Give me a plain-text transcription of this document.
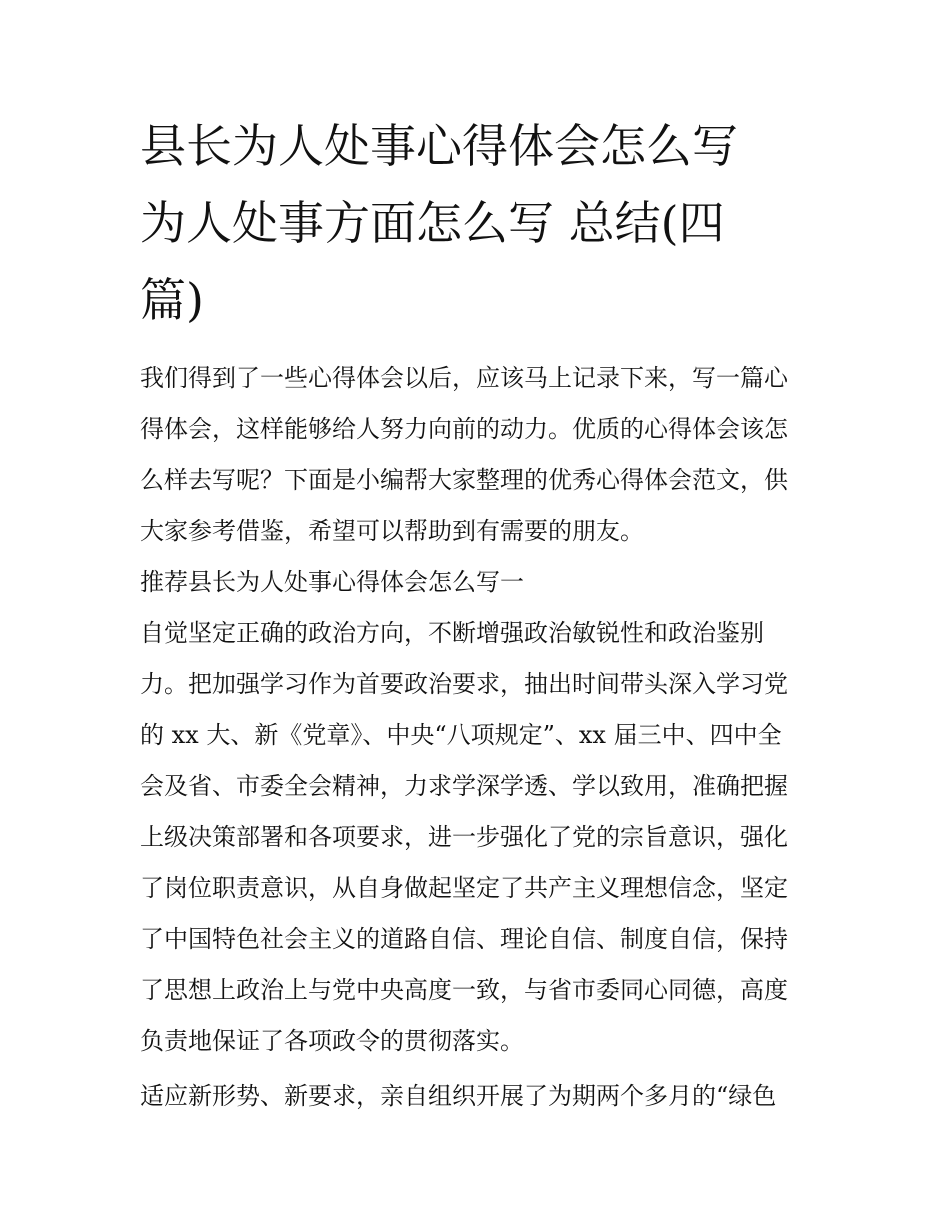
县长为人处事心得体会怎么写
为人处事方面怎么写 总结(四
篇)

我们得到了一些心得体会以后，应该马上记录下来，写一篇心
得体会，这样能够给人努力向前的动力。优质的心得体会该怎
么样去写呢？下面是小编帮大家整理的优秀心得体会范文，供
大家参考借鉴，希望可以帮助到有需要的朋友。

推荐县长为人处事心得体会怎么写一

自觉坚定正确的政治方向，不断增强政治敏锐性和政治鉴别
力。把加强学习作为首要政治要求，抽出时间带头深入学习党
的 xx 大、新《党章》、中央“八项规定”、xx 届三中、四中全
会及省、市委全会精神，力求学深学透、学以致用，准确把握
上级决策部署和各项要求，进一步强化了党的宗旨意识，强化
了岗位职责意识，从自身做起坚定了共产主义理想信念，坚定
了中国特色社会主义的道路自信、理论自信、制度自信，保持
了思想上政治上与党中央高度一致，与省市委同心同德，高度
负责地保证了各项政令的贯彻落实。

适应新形势、新要求，亲自组织开展了为期两个多月的“绿色
